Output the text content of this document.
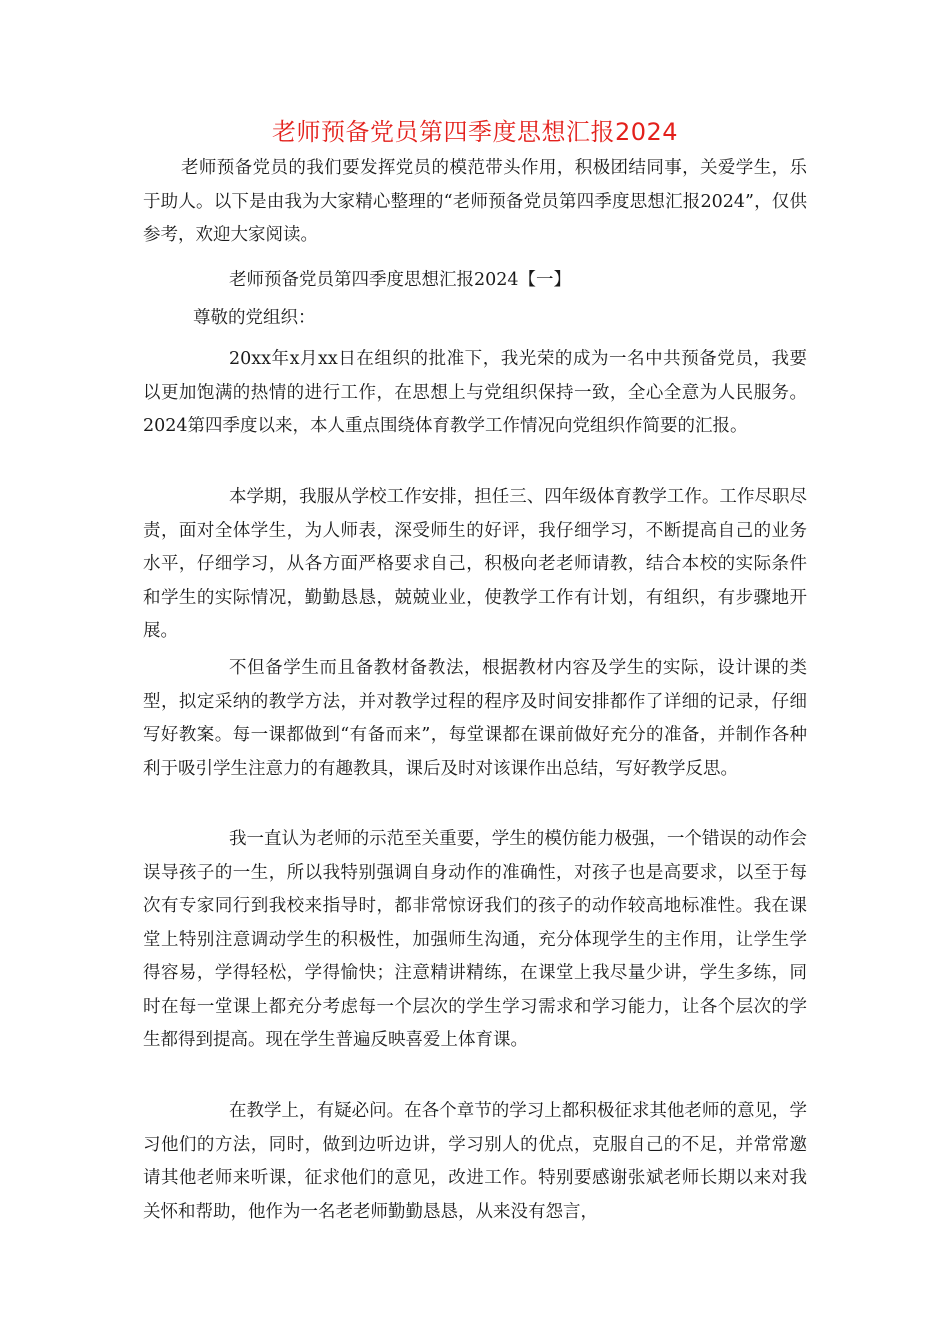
老师预备党员第四季度思想汇报2024

老师预备党员的我们要发挥党员的模范带头作用，积极团结同事，关爱学生，乐于助人。以下是由我为大家精心整理的“老师预备党员第四季度思想汇报2024”，仅供参考，欢迎大家阅读。

老师预备党员第四季度思想汇报2024【一】

尊敬的党组织：

20xx年x月xx日在组织的批准下，我光荣的成为一名中共预备党员，我要以更加饱满的热情的进行工作，在思想上与党组织保持一致，全心全意为人民服务。2024第四季度以来，本人重点围绕体育教学工作情况向党组织作简要的汇报。

本学期，我服从学校工作安排，担任三、四年级体育教学工作。工作尽职尽责，面对全体学生，为人师表，深受师生的好评，我仔细学习，不断提高自己的业务水平，仔细学习，从各方面严格要求自己，积极向老老师请教，结合本校的实际条件和学生的实际情况，勤勤恳恳，兢兢业业，使教学工作有计划，有组织，有步骤地开展。

不但备学生而且备教材备教法，根据教材内容及学生的实际，设计课的类型，拟定采纳的教学方法，并对教学过程的程序及时间安排都作了详细的记录，仔细写好教案。每一课都做到“有备而来”，每堂课都在课前做好充分的准备，并制作各种利于吸引学生注意力的有趣教具，课后及时对该课作出总结，写好教学反思。

我一直认为老师的示范至关重要，学生的模仿能力极强，一个错误的动作会误导孩子的一生，所以我特别强调自身动作的准确性，对孩子也是高要求，以至于每次有专家同行到我校来指导时，都非常惊讶我们的孩子的动作较高地标准性。我在课堂上特别注意调动学生的积极性，加强师生沟通，充分体现学生的主作用，让学生学得容易，学得轻松，学得愉快；注意精讲精练，在课堂上我尽量少讲，学生多练，同时在每一堂课上都充分考虑每一个层次的学生学习需求和学习能力，让各个层次的学生都得到提高。现在学生普遍反映喜爱上体育课。

在教学上，有疑必问。在各个章节的学习上都积极征求其他老师的意见，学习他们的方法，同时，做到边听边讲，学习别人的优点，克服自己的不足，并常常邀请其他老师来听课，征求他们的意见，改进工作。特别要感谢张斌老师长期以来对我关怀和帮助，他作为一名老老师勤勤恳恳，从来没有怨言，
